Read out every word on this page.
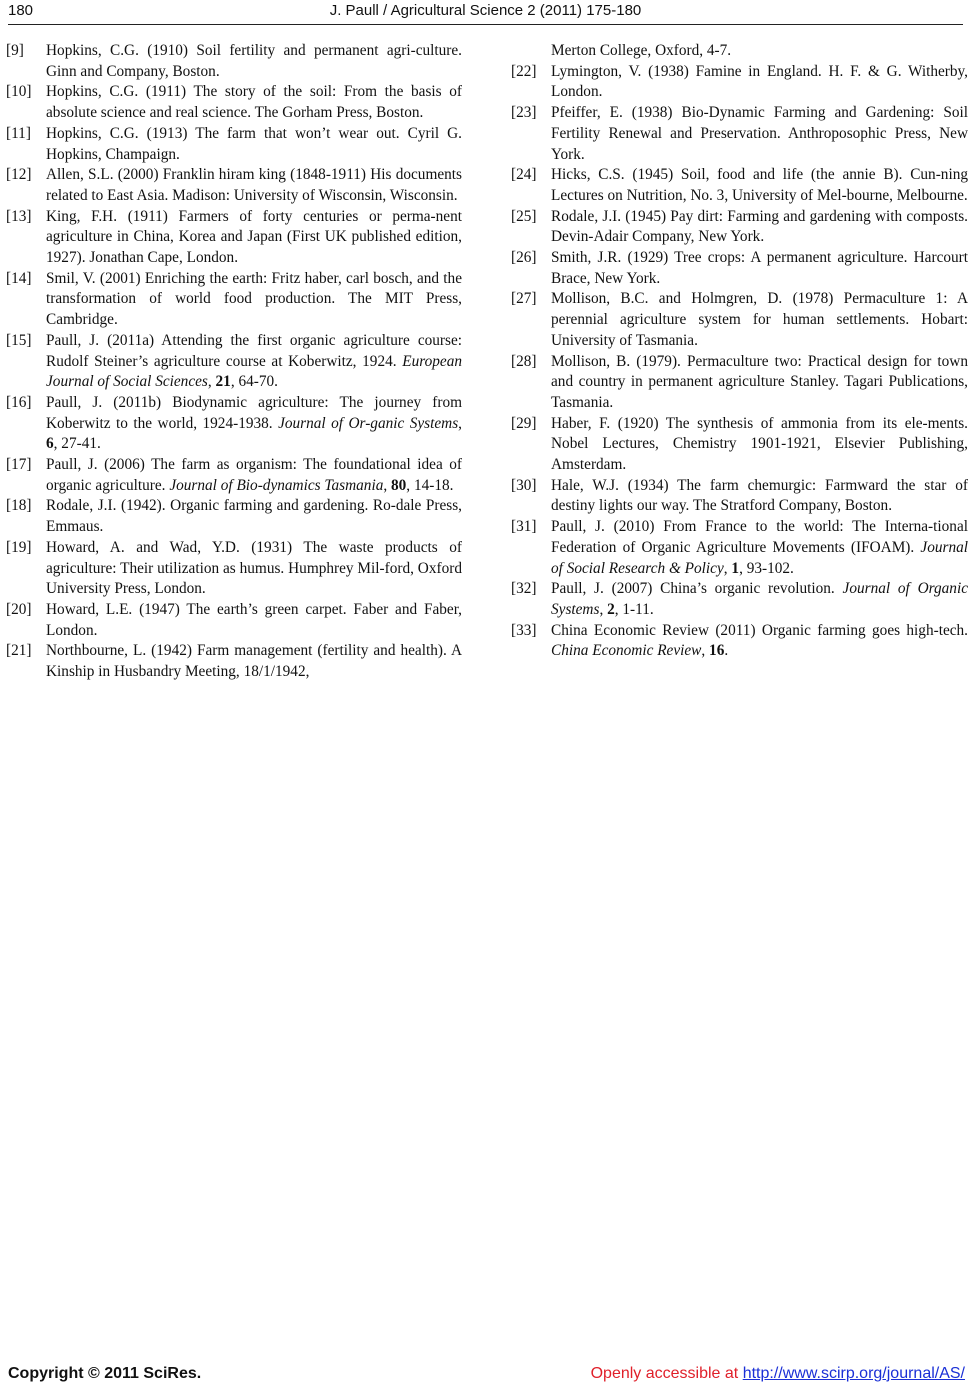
180	J. Paull / Agricultural Science 2 (2011) 175-180

[9] Hopkins, C.G. (1910) Soil fertility and permanent agri-culture. Ginn and Company, Boston.

[10] Hopkins, C.G. (1911) The story of the soil: From the basis of absolute science and real science. The Gorham Press, Boston.

[11] Hopkins, C.G. (1913) The farm that won’t wear out. Cyril G. Hopkins, Champaign.

[12] Allen, S.L. (2000) Franklin hiram king (1848-1911) His documents related to East Asia. Madison: University of Wisconsin, Wisconsin.

[13] King, F.H. (1911) Farmers of forty centuries or perma-nent agriculture in China, Korea and Japan (First UK published edition, 1927). Jonathan Cape, London.

[14] Smil, V. (2001) Enriching the earth: Fritz haber, carl bosch, and the transformation of world food production. The MIT Press, Cambridge.

[15] Paull, J. (2011a) Attending the first organic agriculture course: Rudolf Steiner’s agriculture course at Koberwitz, 1924. European Journal of Social Sciences, 21, 64-70.

[16] Paull, J. (2011b) Biodynamic agriculture: The journey from Koberwitz to the world, 1924-1938. Journal of Or-ganic Systems, 6, 27-41.

[17] Paull, J. (2006) The farm as organism: The foundational idea of organic agriculture. Journal of Bio-dynamics Tasmania, 80, 14-18.

[18] Rodale, J.I. (1942). Organic farming and gardening. Ro-dale Press, Emmaus.

[19] Howard, A. and Wad, Y.D. (1931) The waste products of agriculture: Their utilization as humus. Humphrey Mil-ford, Oxford University Press, London.

[20] Howard, L.E. (1947) The earth’s green carpet. Faber and Faber, London.

[21] Northbourne, L. (1942) Farm management (fertility and health). A Kinship in Husbandry Meeting, 18/1/1942,

Merton College, Oxford, 4-7.

[22] Lymington, V. (1938) Famine in England. H. F. & G. Witherby, London.

[23] Pfeiffer, E. (1938) Bio-Dynamic Farming and Gardening: Soil Fertility Renewal and Preservation. Anthroposophic Press, New York.

[24] Hicks, C.S. (1945) Soil, food and life (the annie B). Cun-ning Lectures on Nutrition, No. 3, University of Mel-bourne, Melbourne.

[25] Rodale, J.I. (1945) Pay dirt: Farming and gardening with composts. Devin-Adair Company, New York.

[26] Smith, J.R. (1929) Tree crops: A permanent agriculture. Harcourt Brace, New York.

[27] Mollison, B.C. and Holmgren, D. (1978) Permaculture 1: A perennial agriculture system for human settlements. Hobart: University of Tasmania.

[28] Mollison, B. (1979). Permaculture two: Practical design for town and country in permanent agriculture Stanley. Tagari Publications, Tasmania.

[29] Haber, F. (1920) The synthesis of ammonia from its ele-ments. Nobel Lectures, Chemistry 1901-1921, Elsevier Publishing, Amsterdam.

[30] Hale, W.J. (1934) The farm chemurgic: Farmward the star of destiny lights our way. The Stratford Company, Boston.

[31] Paull, J. (2010) From France to the world: The Interna-tional Federation of Organic Agriculture Movements (IFOAM). Journal of Social Research & Policy, 1, 93-102.

[32] Paull, J. (2007) China’s organic revolution. Journal of Organic Systems, 2, 1-11.

[33] China Economic Review (2011) Organic farming goes high-tech. China Economic Review, 16.

Copyright © 2011 SciRes.	Openly accessible at http://www.scirp.org/journal/AS/
